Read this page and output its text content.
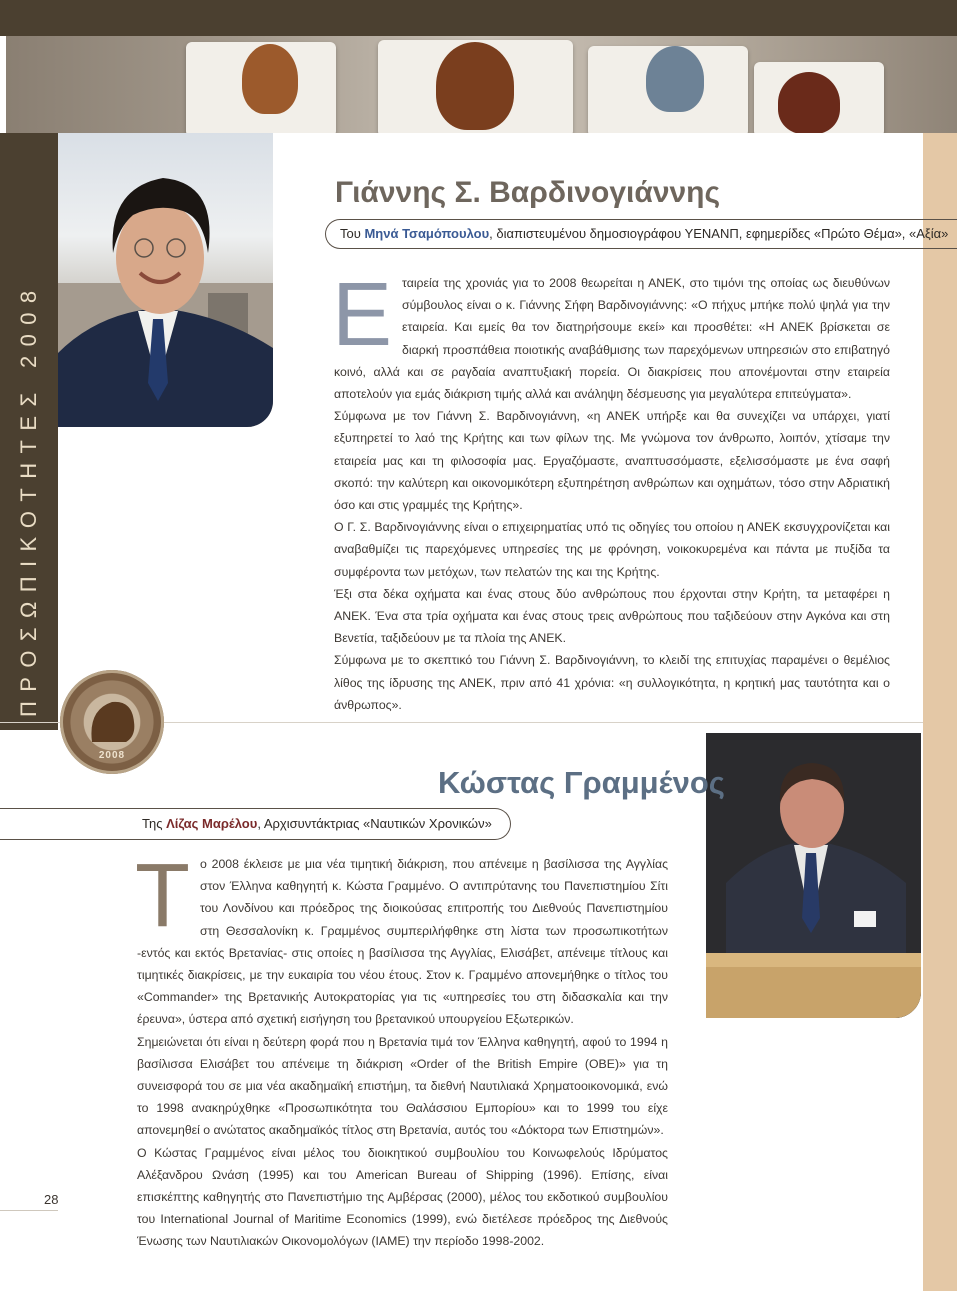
ΠΡΟΣΩΠΙΚΟΤΗΤΕΣ 2008
Γιάννης Σ. Βαρδινογιάννης
Του Μηνά Τσαμόπουλου, διαπιστευμένου δημοσιογράφου ΥΕΝΑΝΠ, εφημερίδες «Πρώτο Θέμα», «Αξία»

Εταιρεία της χρονιάς για το 2008 θεωρείται η ΑΝΕΚ, στο τιμόνι της οποίας ως διευθύνων σύμβουλος είναι ο κ. Γιάννης Σήφη Βαρδινογιάννης: «Ο πήχυς μπήκε πολύ ψηλά για την εταιρεία. Και εμείς θα τον διατηρήσουμε εκεί» και προσθέτει: «Η ΑΝΕΚ βρίσκεται σε διαρκή προσπάθεια ποιοτικής αναβάθμισης των παρεχόμενων υπηρεσιών στο επιβατηγό κοινό, αλλά και σε ραγδαία αναπτυξιακή πορεία. Οι διακρίσεις που απονέμονται στην εταιρεία αποτελούν για εμάς διάκριση τιμής αλλά και ανάληψη δέσμευσης για μεγαλύτερα επιτεύγματα».

Σύμφωνα με τον Γιάννη Σ. Βαρδινογιάννη, «η ΑΝΕΚ υπήρξε και θα συνεχίζει να υπάρχει, γιατί εξυπηρετεί το λαό της Κρήτης και των φίλων της. Με γνώμονα τον άνθρωπο, λοιπόν, χτίσαμε την εταιρεία μας και τη φιλοσοφία μας. Εργαζόμαστε, αναπτυσσόμαστε, εξελισσόμαστε με ένα σαφή σκοπό: την καλύτερη και οικονομικότερη εξυπηρέτηση ανθρώπων και οχημάτων, τόσο στην Αδριατική όσο και στις γραμμές της Κρήτης».

Ο Γ. Σ. Βαρδινογιάννης είναι ο επιχειρηματίας υπό τις οδηγίες του οποίου η ΑΝΕΚ εκσυγχρονίζεται και αναβαθμίζει τις παρεχόμενες υπηρεσίες της με φρόνηση, νοικοκυρεμένα και πάντα με πυξίδα τα συμφέροντα των μετόχων, των πελατών της και της Κρήτης.

Έξι στα δέκα οχήματα και ένας στους δύο ανθρώπους που έρχονται στην Κρήτη, τα μεταφέρει η ΑΝΕΚ. Ένα στα τρία οχήματα και ένας στους τρεις ανθρώπους που ταξιδεύουν στην Αγκόνα και στη Βενετία, ταξιδεύουν με τα πλοία της ΑΝΕΚ.

Σύμφωνα με το σκεπτικό του Γιάννη Σ. Βαρδινογιάννη, το κλειδί της επιτυχίας παραμένει ο θεμέλιος λίθος της ίδρυσης της ΑΝΕΚ, πριν από 41 χρόνια: «η συλλογικότητα, η κρητική μας ταυτότητα και ο άνθρωπος».

2008
Κώστας Γραμμένος
Της Λίζας Μαρέλου, Αρχισυντάκτριας «Ναυτικών Χρονικών»

Το 2008 έκλεισε με μια νέα τιμητική διάκριση, που απένειμε η βασίλισσα της Αγγλίας στον Έλληνα καθηγητή κ. Κώστα Γραμμένο. Ο αντιπρύτανης του Πανεπιστημίου Σίτι του Λονδίνου και πρόεδρος της διοικούσας επιτροπής του Διεθνούς Πανεπιστημίου στη Θεσσαλονίκη κ. Γραμμένος συμπεριλήφθηκε στη λίστα των προσωπικοτήτων -εντός και εκτός Βρετανίας- στις οποίες η βασίλισσα της Αγγλίας, Ελισάβετ, απένειμε τίτλους και τιμητικές διακρίσεις, με την ευκαιρία του νέου έτους. Στον κ. Γραμμένο απονεμήθηκε ο τίτλος του «Commander» της Βρετανικής Αυτοκρατορίας για τις «υπηρεσίες του στη διδασκαλία και την έρευνα», ύστερα από σχετική εισήγηση του βρετανικού υπουργείου Εξωτερικών.

Σημειώνεται ότι είναι η δεύτερη φορά που η Βρετανία τιμά τον Έλληνα καθηγητή, αφού το 1994 η βασίλισσα Ελισάβετ του απένειμε τη διάκριση «Order of the British Empire (OBE)» για τη συνεισφορά του σε μια νέα ακαδημαϊκή επιστήμη, τα διεθνή Ναυτιλιακά Χρηματοοικονομικά, ενώ το 1998 ανακηρύχθηκε «Προσωπικότητα του Θαλάσσιου Εμπορίου» και το 1999 του είχε απονεμηθεί ο ανώτατος ακαδημαϊκός τίτλος στη Βρετανία, αυτός του «Δόκτορα των Επιστημών».

Ο Κώστας Γραμμένος είναι μέλος του διοικητικού συμβουλίου του Κοινωφελούς Ιδρύματος Αλέξανδρου Ωνάση (1995) και του American Bureau of Shipping (1996). Επίσης, είναι επισκέπτης καθηγητής στο Πανεπιστήμιο της Αμβέρσας (2000), μέλος του εκδοτικού συμβουλίου του International Journal of Maritime Economics (1999), ενώ διετέλεσε πρόεδρος της Διεθνούς Ένωσης των Ναυτιλιακών Οικονομολόγων (IAME) την περίοδο 1998-2002.

28
